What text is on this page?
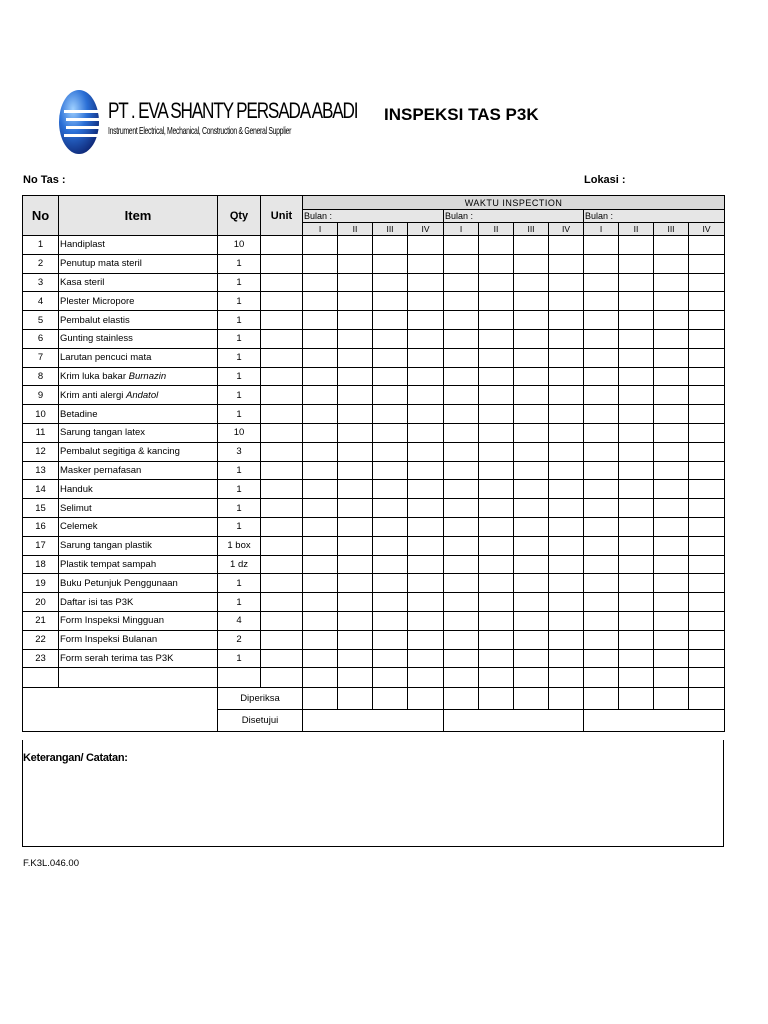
PT . EVA SHANTY PERSADA ABADI
Instrument Electrical, Mechanical, Construction & General Supplier
INSPEKSI TAS P3K
No Tas :	Lokasi :
No	Item	Qty	Unit	WAKTU INSPECTION											
				Bulan :				Bulan :				Bulan :			
				I	II	III	IV	I	II	III	IV	I	II	III	IV
1	Handiplast	10													
2	Penutup mata steril	1													
3	Kasa steril	1													
4	Plester Micropore	1													
5	Pembalut elastis	1													
6	Gunting stainless	1													
7	Larutan pencuci mata	1													
8	Krim luka bakar Burnazin	1													
9	Krim anti alergi Andatol	1													
10	Betadine	1													
11	Sarung tangan latex	10													
12	Pembalut segitiga & kancing	3													
13	Masker pernafasan	1													
14	Handuk	1													
15	Selimut	1													
16	Celemek	1													
17	Sarung tangan plastik	1 box													
18	Plastik tempat sampah	1 dz													
19	Buku Petunjuk Penggunaan	1													
20	Daftar isi tas P3K	1													
21	Form Inspeksi Mingguan	4													
22	Form Inspeksi Bulanan	2													
23	Form serah terima tas P3K	1													

		Diperiksa													
		Disetujui													
Keterangan/ Catatan:
F.K3L.046.00
